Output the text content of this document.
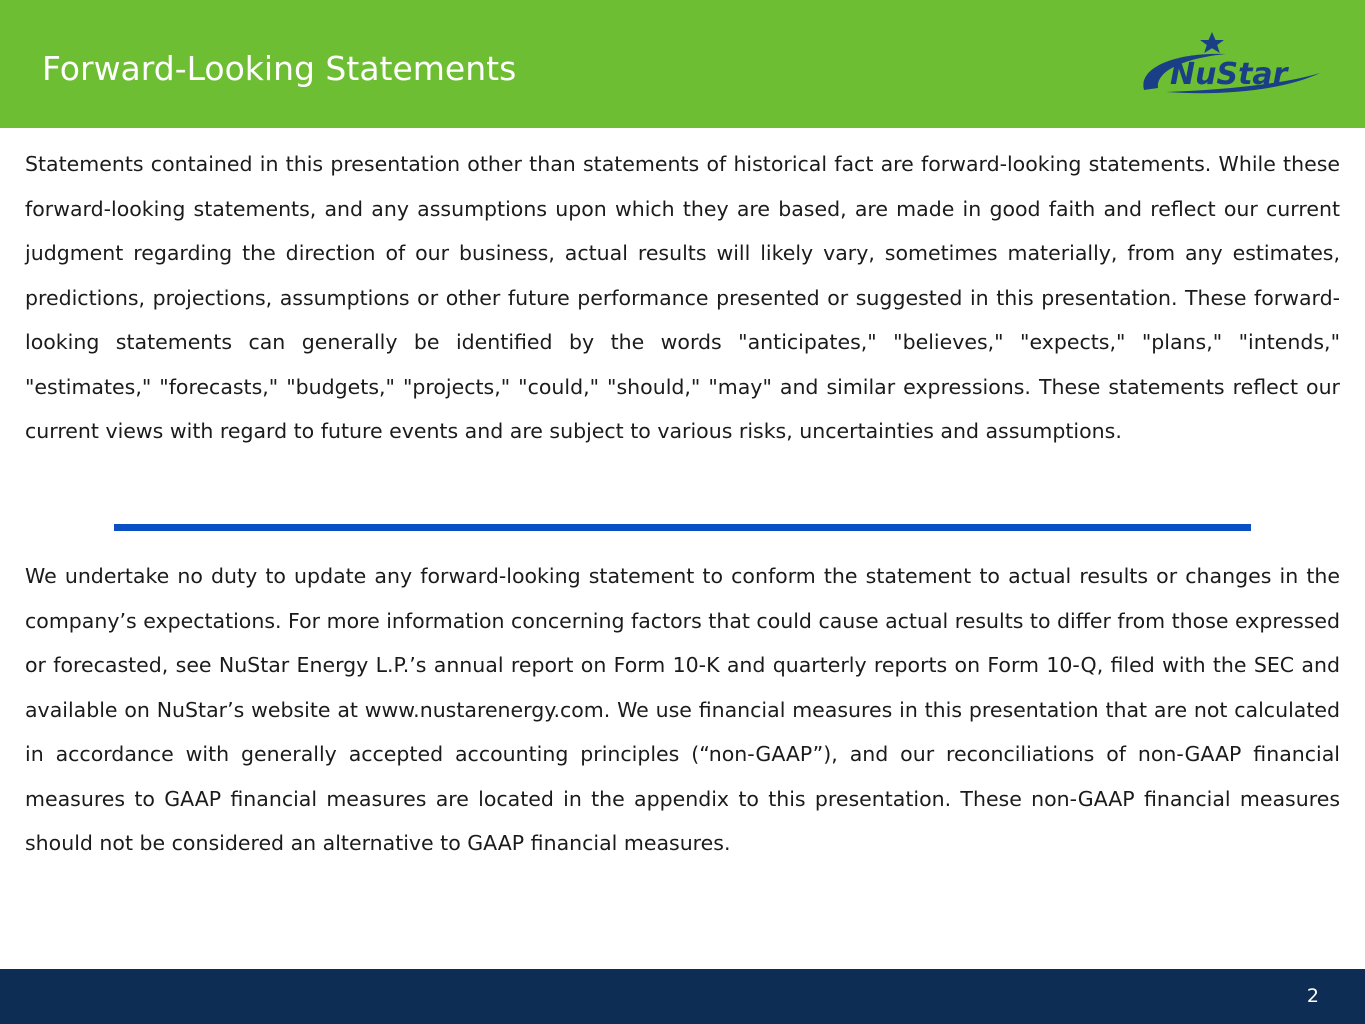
Forward-Looking Statements	NuStar

Statements contained in this presentation other than statements of historical fact are forward-looking statements. While these forward-looking statements, and any assumptions upon which they are based, are made in good faith and reflect our current judgment regarding the direction of our business, actual results will likely vary, sometimes materially, from any estimates, predictions, projections, assumptions or other future performance presented or suggested in this presentation. These forward-looking statements can generally be identified by the words "anticipates," "believes," "expects," "plans," "intends," "estimates," "forecasts," "budgets," "projects," "could," "should," "may" and similar expressions. These statements reflect our current views with regard to future events and are subject to various risks, uncertainties and assumptions.

We undertake no duty to update any forward-looking statement to conform the statement to actual results or changes in the company’s expectations. For more information concerning factors that could cause actual results to differ from those expressed or forecasted, see NuStar Energy L.P.’s annual report on Form 10-K and quarterly reports on Form 10-Q, filed with the SEC and available on NuStar’s website at www.nustarenergy.com. We use financial measures in this presentation that are not calculated in accordance with generally accepted accounting principles (“non-GAAP”), and our reconciliations of non-GAAP financial measures to GAAP financial measures are located in the appendix to this presentation. These non-GAAP financial measures should not be considered an alternative to GAAP financial measures.

2
